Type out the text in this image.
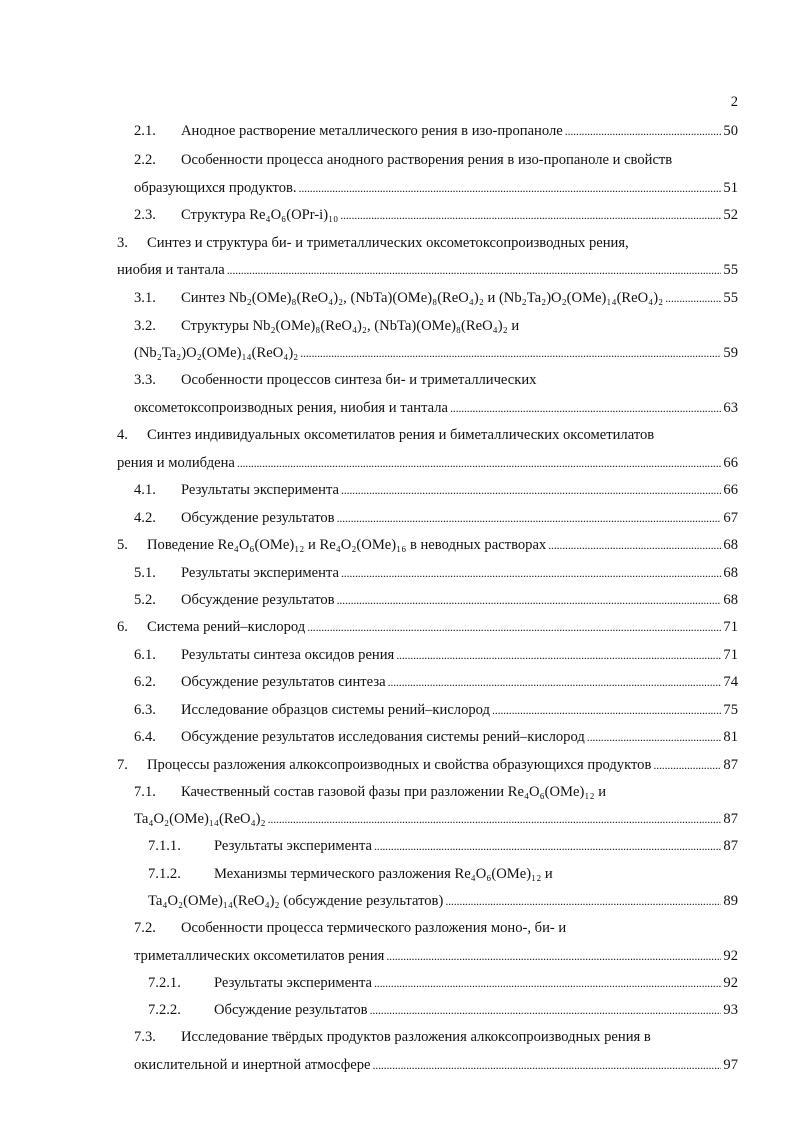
2
2.1. Анодное растворение металлического рения в изо-пропаноле . . .	50
2.2. Особенности процесса анодного растворения рения в изо-пропаноле и свойств
образующихся продуктов. . . .	51
2.3. Структура Re₄O₆(OPr-i)₁₀ . . .	52
3. Синтез и структура би- и триметаллических оксометоксопроизводных рения,
ниобия и тантала . . .	55
3.1. Синтез Nb₂(OMe)₈(ReO₄)₂, (NbTa)(OMe)₈(ReO₄)₂ и (Nb₂Ta₂)O₂(OMe)₁₄(ReO₄)₂ . . .	55
3.2. Структуры Nb₂(OMe)₈(ReO₄)₂, (NbTa)(OMe)₈(ReO₄)₂ и
(Nb₂Ta₂)O₂(OMe)₁₄(ReO₄)₂ . . .	59
3.3. Особенности процессов синтеза би- и триметаллических
оксометоксопроизводных рения, ниобия и тантала . . .	63
4. Синтез индивидуальных оксометилатов рения и биметаллических оксометилатов
рения и молибдена . . .	66
4.1. Результаты эксперимента . . .	66
4.2. Обсуждение результатов . . .	67
5. Поведение Re₄O₆(OMe)₁₂ и Re₄O₂(OMe)₁₆ в неводных растворах . . .	68
5.1. Результаты эксперимента . . .	68
5.2. Обсуждение результатов . . .	68
6. Система рений–кислород . . .	71
6.1. Результаты синтеза оксидов рения . . .	71
6.2. Обсуждение результатов синтеза . . .	74
6.3. Исследование образцов системы рений–кислород . . .	75
6.4. Обсуждение результатов исследования системы рений–кислород . . .	81
7. Процессы разложения алкоксопроизводных и свойства образующихся продуктов . . .	87
7.1. Качественный состав газовой фазы при разложении Re₄O₆(OMe)₁₂ и
Ta₄O₂(OMe)₁₄(ReO₄)₂ . . .	87
7.1.1. Результаты эксперимента . . .	87
7.1.2. Механизмы термического разложения Re₄O₆(OMe)₁₂ и
Ta₄O₂(OMe)₁₄(ReO₄)₂ (обсуждение результатов) . . .	89
7.2. Особенности процесса термического разложения моно-, би- и
триметаллических оксометилатов рения . . .	92
7.2.1. Результаты эксперимента . . .	92
7.2.2. Обсуждение результатов . . .	93
7.3. Исследование твёрдых продуктов разложения алкоксопроизводных рения в
окислительной и инертной атмосфере . . .	97
